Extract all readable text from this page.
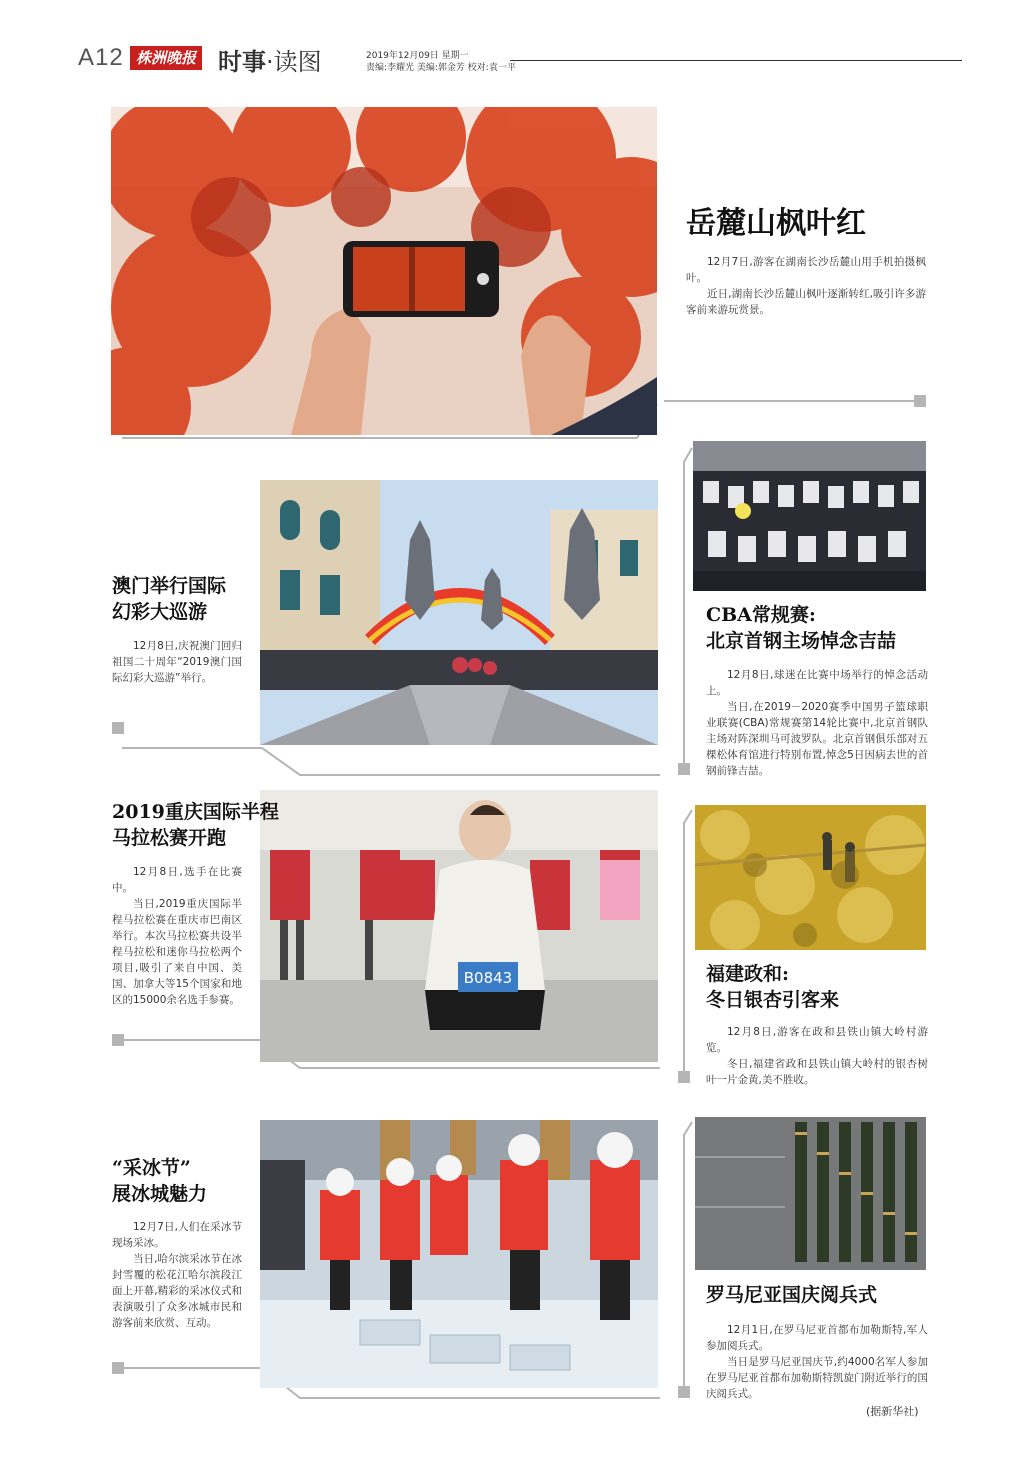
A12 株洲晚报 时事·读图	2019年12月09日 星期一
责编:李耀光 美编:郭金芳 校对:袁一平
岳麓山枫叶红

12月7日,游客在湖南长沙岳麓山用手机拍摄枫叶。

近日,湖南长沙岳麓山枫叶逐渐转红,吸引许多游客前来游玩赏景。

澳门举行国际
幻彩大巡游

12月8日,庆祝澳门回归祖国二十周年“2019澳门国际幻彩大巡游”举行。

CBA常规赛:
北京首钢主场悼念吉喆

12月8日,球迷在比赛中场举行的悼念活动上。

当日,在2019－2020赛季中国男子篮球职业联赛(CBA)常规赛第14轮比赛中,北京首钢队主场对阵深圳马可波罗队。北京首钢俱乐部对五棵松体育馆进行特别布置,悼念5日因病去世的首钢前锋吉喆。

B0843
2019重庆国际半程
马拉松赛开跑

12月8日,选手在比赛中。

当日,2019重庆国际半程马拉松赛在重庆市巴南区举行。本次马拉松赛共设半程马拉松和迷你马拉松两个项目,吸引了来自中国、美国、加拿大等15个国家和地区的15000余名选手参赛。

福建政和:
冬日银杏引客来

12月8日,游客在政和县铁山镇大岭村游览。

冬日,福建省政和县铁山镇大岭村的银杏树叶一片金黄,美不胜收。

“采冰节”
展冰城魅力

12月7日,人们在采冰节现场采冰。

当日,哈尔滨采冰节在冰封雪覆的松花江哈尔滨段江面上开幕,精彩的采冰仪式和表演吸引了众多冰城市民和游客前来欣赏、互动。

罗马尼亚国庆阅兵式

12月1日,在罗马尼亚首都布加勒斯特,军人参加阅兵式。

当日是罗马尼亚国庆节,约4000名军人参加在罗马尼亚首都布加勒斯特凯旋门附近举行的国庆阅兵式。

(据新华社)
